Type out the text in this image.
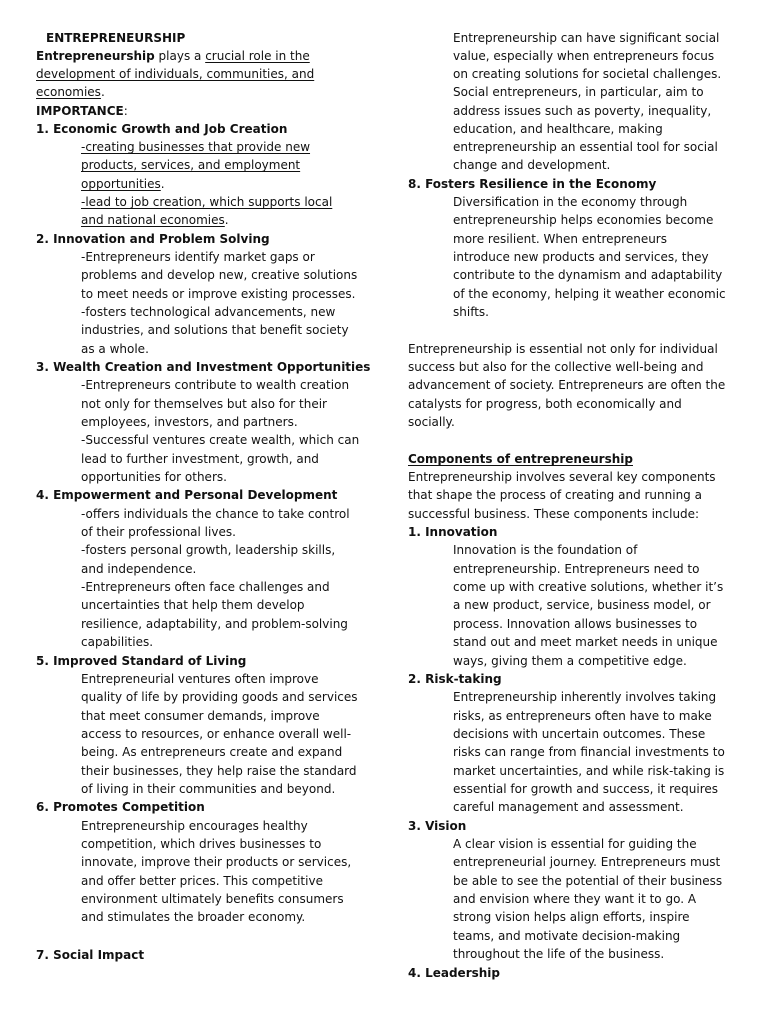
ENTREPRENEURSHIP

Entrepreneurship plays a crucial role in the

development of individuals, communities, and

economies.

IMPORTANCE:

1. Economic Growth and Job Creation

-creating businesses that provide new

products, services, and employment

opportunities.

-lead to job creation, which supports local

and national economies.

2. Innovation and Problem Solving

-Entrepreneurs identify market gaps or

problems and develop new, creative solutions

to meet needs or improve existing processes.

-fosters technological advancements, new

industries, and solutions that benefit society

as a whole.

3. Wealth Creation and Investment Opportunities

-Entrepreneurs contribute to wealth creation

not only for themselves but also for their

employees, investors, and partners.

-Successful ventures create wealth, which can

lead to further investment, growth, and

opportunities for others.

4. Empowerment and Personal Development

-offers individuals the chance to take control

of their professional lives.

-fosters personal growth, leadership skills,

and independence.

-Entrepreneurs often face challenges and

uncertainties that help them develop

resilience, adaptability, and problem-solving

capabilities.

5. Improved Standard of Living

Entrepreneurial ventures often improve

quality of life by providing goods and services

that meet consumer demands, improve

access to resources, or enhance overall well-

being. As entrepreneurs create and expand

their businesses, they help raise the standard

of living in their communities and beyond.

6. Promotes Competition

Entrepreneurship encourages healthy

competition, which drives businesses to

innovate, improve their products or services,

and offer better prices. This competitive

environment ultimately benefits consumers

and stimulates the broader economy.

7. Social Impact

Entrepreneurship can have significant social

value, especially when entrepreneurs focus

on creating solutions for societal challenges.

Social entrepreneurs, in particular, aim to

address issues such as poverty, inequality,

education, and healthcare, making

entrepreneurship an essential tool for social

change and development.

8. Fosters Resilience in the Economy

Diversification in the economy through

entrepreneurship helps economies become

more resilient. When entrepreneurs

introduce new products and services, they

contribute to the dynamism and adaptability

of the economy, helping it weather economic

shifts.

Entrepreneurship is essential not only for individual

success but also for the collective well-being and

advancement of society. Entrepreneurs are often the

catalysts for progress, both economically and

socially.

Components of entrepreneurship

Entrepreneurship involves several key components

that shape the process of creating and running a

successful business. These components include:

1. Innovation

Innovation is the foundation of

entrepreneurship. Entrepreneurs need to

come up with creative solutions, whether it’s

a new product, service, business model, or

process. Innovation allows businesses to

stand out and meet market needs in unique

ways, giving them a competitive edge.

2. Risk-taking

Entrepreneurship inherently involves taking

risks, as entrepreneurs often have to make

decisions with uncertain outcomes. These

risks can range from financial investments to

market uncertainties, and while risk-taking is

essential for growth and success, it requires

careful management and assessment.

3. Vision

A clear vision is essential for guiding the

entrepreneurial journey. Entrepreneurs must

be able to see the potential of their business

and envision where they want it to go. A

strong vision helps align efforts, inspire

teams, and motivate decision-making

throughout the life of the business.

4. Leadership
